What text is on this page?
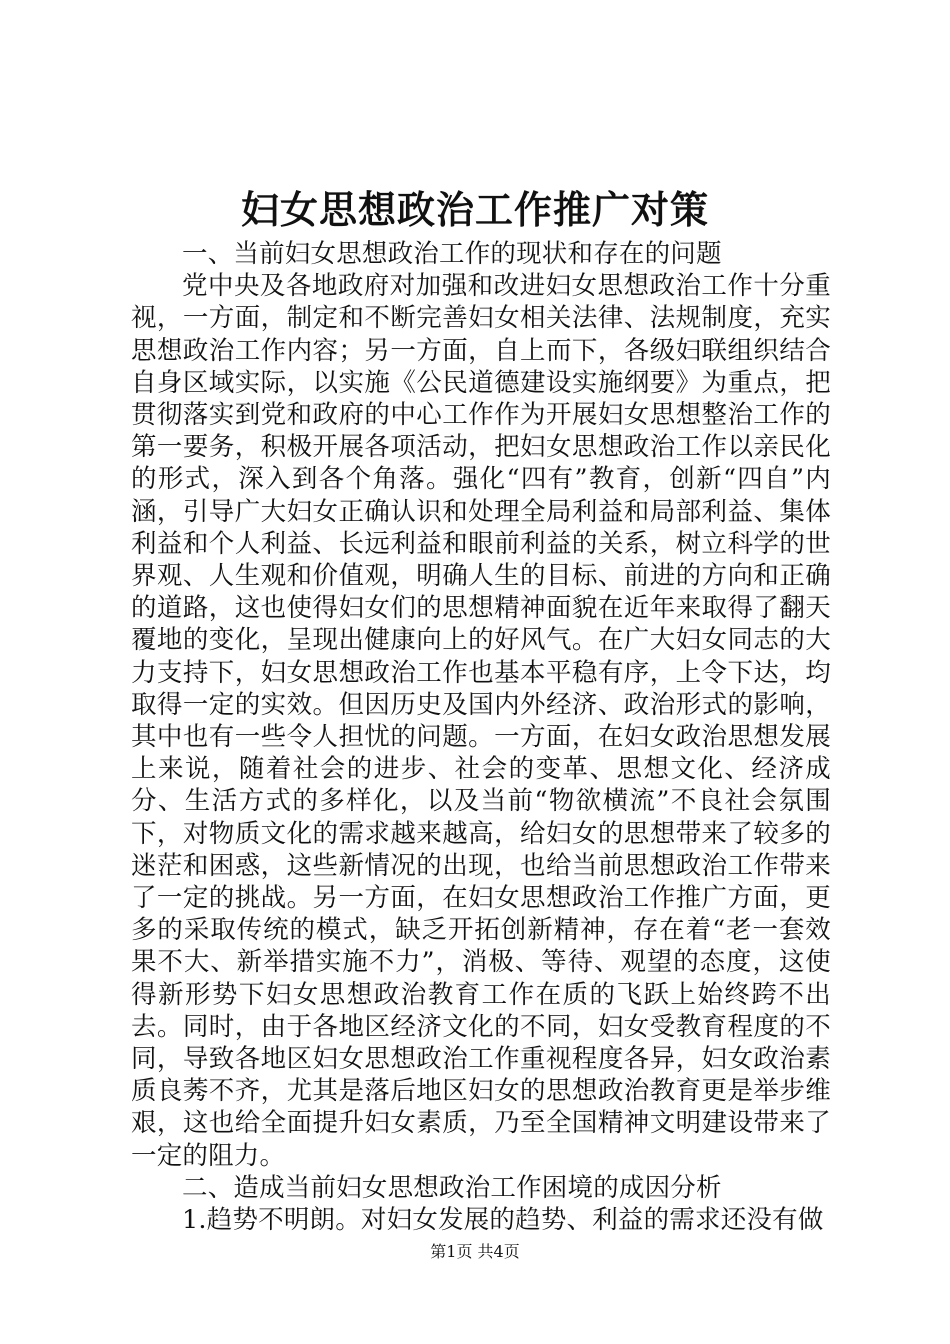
妇女思想政治工作推广对策

一、当前妇女思想政治工作的现状和存在的问题

党中央及各地政府对加强和改进妇女思想政治工作十分重视，一方面，制定和不断完善妇女相关法律、法规制度，充实思想政治工作内容；另一方面，自上而下，各级妇联组织结合自身区域实际，以实施《公民道德建设实施纲要》为重点，把贯彻落实到党和政府的中心工作作为开展妇女思想整治工作的第一要务，积极开展各项活动，把妇女思想政治工作以亲民化的形式，深入到各个角落。强化“四有”教育，创新“四自”内涵，引导广大妇女正确认识和处理全局利益和局部利益、集体利益和个人利益、长远利益和眼前利益的关系，树立科学的世界观、人生观和价值观，明确人生的目标、前进的方向和正确的道路，这也使得妇女们的思想精神面貌在近年来取得了翻天覆地的变化，呈现出健康向上的好风气。在广大妇女同志的大力支持下，妇女思想政治工作也基本平稳有序，上令下达，均取得一定的实效。但因历史及国内外经济、政治形式的影响，其中也有一些令人担忧的问题。一方面，在妇女政治思想发展上来说，随着社会的进步、社会的变革、思想文化、经济成分、生活方式的多样化，以及当前“物欲横流”不良社会氛围下，对物质文化的需求越来越高，给妇女的思想带来了较多的迷茫和困惑，这些新情况的出现，也给当前思想政治工作带来了一定的挑战。另一方面，在妇女思想政治工作推广方面，更多的采取传统的模式，缺乏开拓创新精神，存在着“老一套效果不大、新举措实施不力”，消极、等待、观望的态度，这使得新形势下妇女思想政治教育工作在质的飞跃上始终跨不出去。同时，由于各地区经济文化的不同，妇女受教育程度的不同，导致各地区妇女思想政治工作重视程度各异，妇女政治素质良莠不齐，尤其是落后地区妇女的思想政治教育更是举步维艰，这也给全面提升妇女素质，乃至全国精神文明建设带来了一定的阻力。

二、造成当前妇女思想政治工作困境的成因分析

1.趋势不明朗。对妇女发展的趋势、利益的需求还没有做

第1页 共4页
